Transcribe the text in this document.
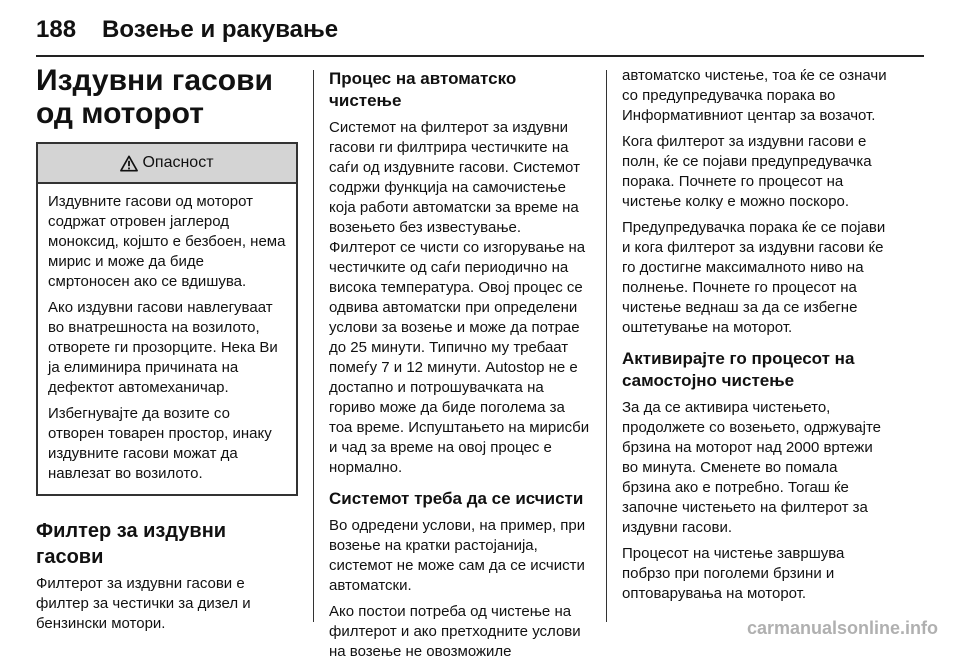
188 Возење и ракување
Издувни гасови од моторот
Опасност

Издувните гасови од моторот содржат отровен јаглерод моноксид, којшто е безбоен, нема мирис и може да биде смртоносен ако се вдишува.

Ако издувни гасови навлегуваат во внатрешноста на возилото, отворете ги прозорците. Нека Ви ја елиминира причината на дефектот автомеханичар.

Избегнувајте да возите со отворен товарен простор, инаку издувните гасови можат да навлезат во возилото.

Филтер за издувни гасови

Филтерот за издувни гасови е филтер за честички за дизел и бензински мотори.

Процес на автоматско чистење

Системот на филтерот за издувни гасови ги филтрира честичките на саѓи од издувните гасови. Системот содржи функција на самочистење која работи автоматски за време на возењето без известување. Филтерот се чисти со изгорување на честичките од саѓи периодично на висока температура. Овој процес се одвива автоматски при определени услови за возење и може да потрае до 25 минути. Типично му требаат помеѓу 7 и 12 минути. Autostop не е достапно и потрошувачката на гориво може да биде поголема за тоа време. Испуштањето на мирисби и чад за време на овој процес е нормално.

Системот треба да се исчисти

Во одредени услови, на пример, при возење на кратки растојанија, системот не може сам да се исчисти автоматски.

Ако постои потреба од чистење на филтерот и ако претходните услови на возење не овозможиле

автоматско чистење, тоа ќе се означи со предупредувачка порака во Информативниот центар за возачот.

Кога филтерот за издувни гасови е полн, ќе се појави предупредувачка порака. Почнете го процесот на чистење колку е можно поскоро.

Предупредувачка порака ќе се појави и кога филтерот за издувни гасови ќе го достигне максималното ниво на полнење. Почнете го процесот на чистење веднаш за да се избегне оштетување на моторот.

Активирајте го процесот на самостојно чистење

За да се активира чистењето, продолжете со возењето, одржувајте брзина на моторот над 2000 вртежи во минута. Сменете во помала брзина ако е потребно. Тогаш ќе започне чистењето на филтерот за издувни гасови.

Процесот на чистење завршува побрзо при поголеми брзини и оптоварувања на моторот.

carmanualsonline.info
